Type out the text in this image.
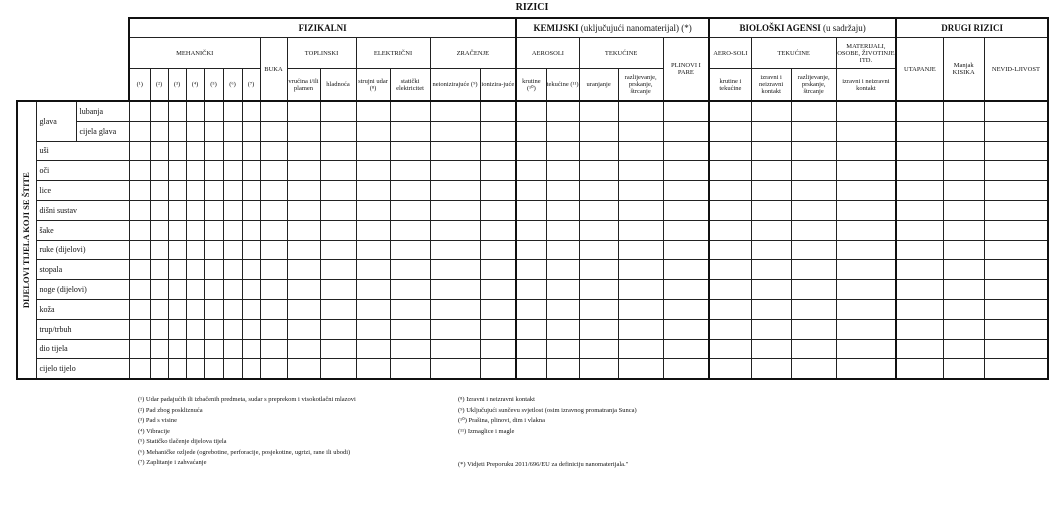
RIZICI
FIZIKALNI														KEMIJSKI (uključujući nanomaterijal) (*)					BIOLOŠKI AGENSI (u sadržaju)				DRUGI RIZICI		
MEHANIČKI							BUKA	TOPLINSKI		ELEKTRIČNI		ZRAČENJE		AEROSOLI		TEKUĆINE		PLINOVI I PARE	AERO-SOLI	TEKUĆINE		MATERIJALI, OSOBE, ŽIVOTINJE ITD.	UTAPANJE	Manjak KISIKA	NEVID-LJIVOST
(¹)	(²)	(³)	(⁴)	(⁵)	(⁶)	(⁷)		vrućina i/ili plamen	hladnoća	strujni udar (⁸)	statički elektricitet	neionizirajuće (⁹)	ionizira-juće	krutine (¹⁰)	tekućine (¹¹)	uranjanje	razlijevanje, prskanje, štrcanje		krutine i tekućine	izravni i neizravni kontakt	razlijevanje, prskanje, štrcanje	izravni i neizravni kontakt			
DIJELOVI TIJELA KOJI SE ŠTITE	glava	lubanja																										
		cijela glava																										
	uši																											
	oči																											
	lice																											
	dišni sustav																											
	šake																											
	ruke (dijelovi)																											
	stopala																											
	noge (dijelovi)																											
	koža																											
	trup/trbuh																											
	dio tijela																											
	cijelo tijelo																											
(¹) Udar padajućih ili izbačenih predmeta, sudar s preprekom i visokotlačni mlazovi
(²) Pad zbog poskliznuća
(³) Pad s visine
(⁴) Vibracije
(⁵) Statičko tlačenje dijelova tijela
(⁶) Mehaničke ozljede (ogrebotine, perforacije, posjekotine, ugrizi, rane ili ubodi)
(⁷) Zaplitanje i zahvaćanje
(⁸) Izravni i neizravni kontakt
(⁹) Uključujući sunčevu svjetlost (osim izravnog promatranja Sunca)
(¹⁰) Prašina, plinovi, dim i vlakna
(¹¹) Izmaglice i magle
(*) Vidjeti Preporuku 2011/696/EU za definiciju nanomaterijala."
